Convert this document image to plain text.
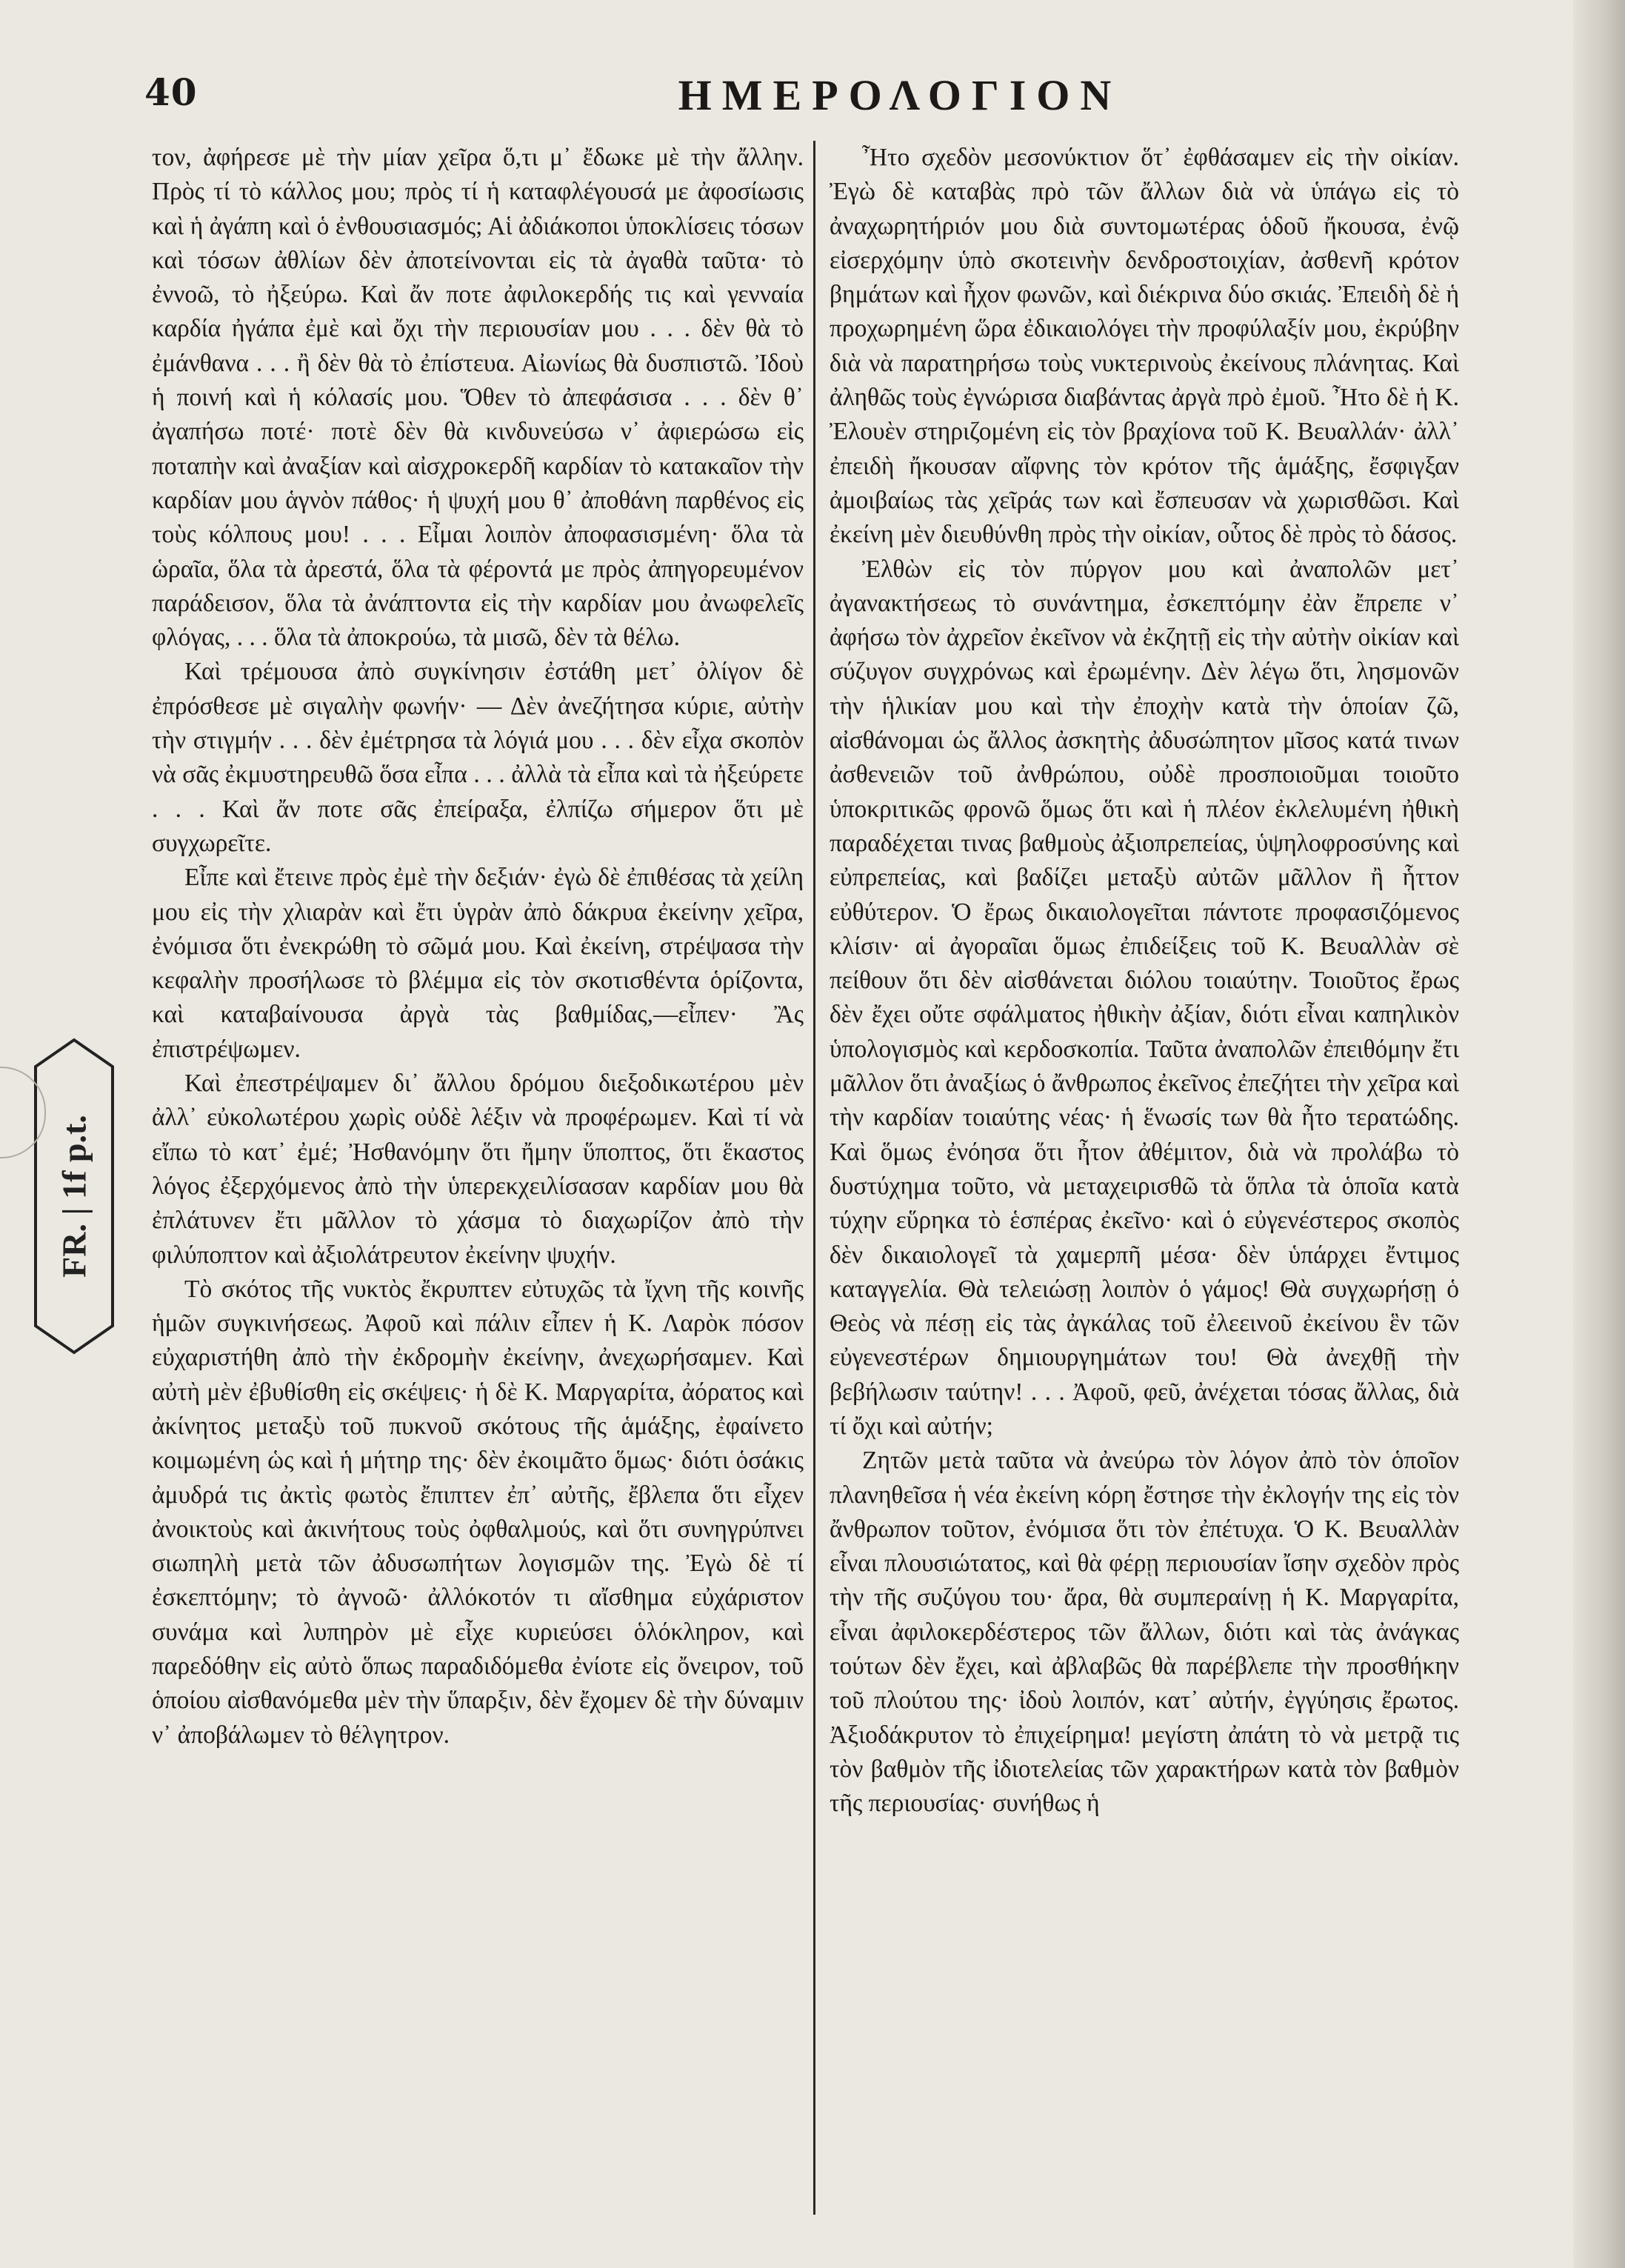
40	ΗΜΕΡΟΛΟΓΙΟΝ
FR. | 1f p.t.

τον, ἀφήρεσε μὲ τὴν μίαν χεῖρα ὅ,τι μ᾽ ἔδωκε μὲ τὴν ἄλλην. Πρὸς τί τὸ κάλλος μου; πρὸς τί ἡ καταφλέγουσά με ἀφοσίωσις καὶ ἡ ἀγάπη καὶ ὁ ἐνθουσιασμός; Αἱ ἀδιάκοποι ὑποκλίσεις τόσων καὶ τόσων ἀθλίων δὲν ἀποτείνονται εἰς τὰ ἀγαθὰ ταῦτα· τὸ ἐννοῶ, τὸ ἠξεύρω. Καὶ ἄν ποτε ἀφιλοκερδής τις καὶ γενναία καρδία ἠγάπα ἐμὲ καὶ ὄχι τὴν περιουσίαν μου . . . δὲν θὰ τὸ ἐμάνθανα . . . ἢ δὲν θὰ τὸ ἐπίστευα. Αἰωνίως θὰ δυσπιστῶ. Ἰδοὺ ἡ ποινή καὶ ἡ κόλασίς μου. Ὅθεν τὸ ἀπεφάσισα . . . δὲν θ᾽ ἀγαπήσω ποτέ· ποτὲ δὲν θὰ κινδυνεύσω ν᾽ ἀφιερώσω εἰς ποταπὴν καὶ ἀναξίαν καὶ αἰσχροκερδῆ καρδίαν τὸ κατακαῖον τὴν καρδίαν μου ἁγνὸν πάθος· ἡ ψυχή μου θ᾽ ἀποθάνη παρθένος εἰς τοὺς κόλπους μου! . . . Εἶμαι λοιπὸν ἀποφασισμένη· ὅλα τὰ ὡραῖα, ὅλα τὰ ἀρεστά, ὅλα τὰ φέροντά με πρὸς ἀπηγορευμένον παράδεισον, ὅλα τὰ ἀνάπτοντα εἰς τὴν καρδίαν μου ἀνωφελεῖς φλόγας, . . . ὅλα τὰ ἀποκρούω, τὰ μισῶ, δὲν τὰ θέλω.

Καὶ τρέμουσα ἀπὸ συγκίνησιν ἐστάθη μετ᾽ ὀλίγον δὲ ἐπρόσθεσε μὲ σιγαλὴν φωνήν· — Δὲν ἀνεζήτησα κύριε, αὐτὴν τὴν στιγμήν . . . δὲν ἐμέτρησα τὰ λόγιά μου . . . δὲν εἶχα σκοπὸν νὰ σᾶς ἐκμυστηρευθῶ ὅσα εἶπα . . . ἀλλὰ τὰ εἶπα καὶ τὰ ἠξεύρετε . . . Καὶ ἄν ποτε σᾶς ἐπείραξα, ἐλπίζω σήμερον ὅτι μὲ συγχωρεῖτε.

Εἶπε καὶ ἔτεινε πρὸς ἐμὲ τὴν δεξιάν· ἐγὼ δὲ ἐπιθέσας τὰ χείλη μου εἰς τὴν χλιαρὰν καὶ ἔτι ὑγρὰν ἀπὸ δάκρυα ἐκείνην χεῖρα, ἐνόμισα ὅτι ἐνεκρώθη τὸ σῶμά μου. Καὶ ἐκείνη, στρέψασα τὴν κεφαλὴν προσήλωσε τὸ βλέμμα εἰς τὸν σκοτισθέντα ὁρίζοντα, καὶ καταβαίνουσα ἀργὰ τὰς βαθμίδας,—εἶπεν· Ἂς ἐπιστρέψωμεν.

Καὶ ἐπεστρέψαμεν δι᾽ ἄλλου δρόμου διεξοδικωτέρου μὲν ἀλλ᾽ εὐκολωτέρου χωρὶς οὐδὲ λέξιν νὰ προφέρωμεν. Καὶ τί νὰ εἴπω τὸ κατ᾽ ἐμέ; Ἠσθανόμην ὅτι ἤμην ὕποπτος, ὅτι ἕκαστος λόγος ἐξερχόμενος ἀπὸ τὴν ὑπερεκχειλίσασαν καρδίαν μου θὰ ἐπλάτυνεν ἔτι μᾶλλον τὸ χάσμα τὸ διαχωρίζον ἀπὸ τὴν φιλύποπτον καὶ ἀξιολάτρευτον ἐκείνην ψυχήν.

Τὸ σκότος τῆς νυκτὸς ἔκρυπτεν εὐτυχῶς τὰ ἴχνη τῆς κοινῆς ἡμῶν συγκινήσεως. Ἀφοῦ καὶ πάλιν εἶπεν ἡ Κ. Λαρὸκ πόσον εὐχαριστήθη ἀπὸ τὴν ἐκδρομὴν ἐκείνην, ἀνεχωρήσαμεν. Καὶ αὐτὴ μὲν ἐβυθίσθη εἰς σκέψεις· ἡ δὲ Κ. Μαργαρίτα, ἀόρατος καὶ ἀκίνητος μεταξὺ τοῦ πυκνοῦ σκότους τῆς ἁμάξης, ἐφαίνετο κοιμωμένη ὡς καὶ ἡ μήτηρ της· δὲν ἐκοιμᾶτο ὅμως· διότι ὁσάκις ἀμυδρά τις ἀκτὶς φωτὸς ἔπιπτεν ἐπ᾽ αὐτῆς, ἔβλεπα ὅτι εἶχεν ἀνοικτοὺς καὶ ἀκινήτους τοὺς ὀφθαλμούς, καὶ ὅτι συνηγρύπνει σιωπηλὴ μετὰ τῶν ἀδυσωπήτων λογισμῶν της. Ἐγὼ δὲ τί ἐσκεπτόμην; τὸ ἀγνοῶ· ἀλλόκοτόν τι αἴσθημα εὐχάριστον συνάμα καὶ λυπηρὸν μὲ εἶχε κυριεύσει ὁλόκληρον, καὶ παρεδόθην εἰς αὐτὸ ὅπως παραδιδόμεθα ἐνίοτε εἰς ὄνειρον, τοῦ ὁποίου αἰσθανόμεθα μὲν τὴν ὕπαρξιν, δὲν ἔχομεν δὲ τὴν δύναμιν ν᾽ ἀποβάλωμεν τὸ θέλγητρον.

Ἦτο σχεδὸν μεσονύκτιον ὅτ᾽ ἐφθάσαμεν εἰς τὴν οἰκίαν. Ἐγὼ δὲ καταβὰς πρὸ τῶν ἄλλων διὰ νὰ ὑπάγω εἰς τὸ ἀναχωρητήριόν μου διὰ συντομωτέρας ὁδοῦ ἤκουσα, ἐνῷ εἰσερχόμην ὑπὸ σκοτεινὴν δενδροστοιχίαν, ἀσθενῆ κρότον βημάτων καὶ ἦχον φωνῶν, καὶ διέκρινα δύο σκιάς. Ἐπειδὴ δὲ ἡ προχωρημένη ὥρα ἐδικαιολόγει τὴν προφύλαξίν μου, ἐκρύβην διὰ νὰ παρατηρήσω τοὺς νυκτερινοὺς ἐκείνους πλάνητας. Καὶ ἀληθῶς τοὺς ἐγνώρισα διαβάντας ἀργὰ πρὸ ἐμοῦ. Ἦτο δὲ ἡ Κ. Ἐλουὲν στηριζομένη εἰς τὸν βραχίονα τοῦ Κ. Βευαλλάν· ἀλλ᾽ ἐπειδὴ ἤκουσαν αἴφνης τὸν κρότον τῆς ἁμάξης, ἔσφιγξαν ἀμοιβαίως τὰς χεῖράς των καὶ ἔσπευσαν νὰ χωρισθῶσι. Καὶ ἐκείνη μὲν διευθύνθη πρὸς τὴν οἰκίαν, οὗτος δὲ πρὸς τὸ δάσος.

Ἐλθὼν εἰς τὸν πύργον μου καὶ ἀναπολῶν μετ᾽ ἀγανακτήσεως τὸ συνάντημα, ἐσκεπτόμην ἐὰν ἔπρεπε ν᾽ ἀφήσω τὸν ἀχρεῖον ἐκεῖνον νὰ ἐκζητῇ εἰς τὴν αὐτὴν οἰκίαν καὶ σύζυγον συγχρόνως καὶ ἐρωμένην. Δὲν λέγω ὅτι, λησμονῶν τὴν ἡλικίαν μου καὶ τὴν ἐποχὴν κατὰ τὴν ὁποίαν ζῶ, αἰσθάνομαι ὡς ἄλλος ἀσκητὴς ἀδυσώπητον μῖσος κατά τινων ἀσθενειῶν τοῦ ἀνθρώπου, οὐδὲ προσποιοῦμαι τοιοῦτο ὑποκριτικῶς φρονῶ ὅμως ὅτι καὶ ἡ πλέον ἐκλελυμένη ἠθικὴ παραδέχεται τινας βαθμοὺς ἀξιοπρεπείας, ὑψηλοφροσύνης καὶ εὐπρεπείας, καὶ βαδίζει μεταξὺ αὐτῶν μᾶλλον ἢ ἧττον εὐθύτερον. Ὁ ἔρως δικαιολογεῖται πάντοτε προφασιζόμενος κλίσιν· αἱ ἀγοραῖαι ὅμως ἐπιδείξεις τοῦ Κ. Βευαλλὰν σὲ πείθουν ὅτι δὲν αἰσθάνεται διόλου τοιαύτην. Τοιοῦτος ἔρως δὲν ἔχει οὔτε σφάλματος ἠθικὴν ἀξίαν, διότι εἶναι καπηλικὸν ὑπολογισμὸς καὶ κερδοσκοπία. Ταῦτα ἀναπολῶν ἐπειθόμην ἔτι μᾶλλον ὅτι ἀναξίως ὁ ἄνθρωπος ἐκεῖνος ἐπεζήτει τὴν χεῖρα καὶ τὴν καρδίαν τοιαύτης νέας· ἡ ἕνωσίς των θὰ ἦτο τερατώδης. Καὶ ὅμως ἐνόησα ὅτι ἦτον ἀθέμιτον, διὰ νὰ προλάβω τὸ δυστύχημα τοῦτο, νὰ μεταχειρισθῶ τὰ ὅπλα τὰ ὁποῖα κατὰ τύχην εὕρηκα τὸ ἑσπέρας ἐκεῖνο· καὶ ὁ εὐγενέστερος σκοπὸς δὲν δικαιολογεῖ τὰ χαμερπῆ μέσα· δὲν ὑπάρχει ἔντιμος καταγγελία. Θὰ τελειώσῃ λοιπὸν ὁ γάμος! Θὰ συγχωρήσῃ ὁ Θεὸς νὰ πέσῃ εἰς τὰς ἀγκάλας τοῦ ἐλεεινοῦ ἐκείνου ἓν τῶν εὐγενεστέρων δημιουργημάτων του! Θὰ ἀνεχθῇ τὴν βεβήλωσιν ταύτην! . . . Ἀφοῦ, φεῦ, ἀνέχεται τόσας ἄλλας, διὰ τί ὄχι καὶ αὐτήν;

Ζητῶν μετὰ ταῦτα νὰ ἀνεύρω τὸν λόγον ἀπὸ τὸν ὁποῖον πλανηθεῖσα ἡ νέα ἐκείνη κόρη ἔστησε τὴν ἐκλογήν της εἰς τὸν ἄνθρωπον τοῦτον, ἐνόμισα ὅτι τὸν ἐπέτυχα. Ὁ Κ. Βευαλλὰν εἶναι πλουσιώτατος, καὶ θὰ φέρῃ περιουσίαν ἴσην σχεδὸν πρὸς τὴν τῆς συζύγου του· ἄρα, θὰ συμπεραίνῃ ἡ Κ. Μαργαρίτα, εἶναι ἀφιλοκερδέστερος τῶν ἄλλων, διότι καὶ τὰς ἀνάγκας τούτων δὲν ἔχει, καὶ ἀβλαβῶς θὰ παρέβλεπε τὴν προσθήκην τοῦ πλούτου της· ἰδοὺ λοιπόν, κατ᾽ αὐτήν, ἐγγύησις ἔρωτος. Ἀξιοδάκρυτον τὸ ἐπιχείρημα! μεγίστη ἀπάτη τὸ νὰ μετρᾷ τις τὸν βαθμὸν τῆς ἰδιοτελείας τῶν χαρακτήρων κατὰ τὸν βαθμὸν τῆς περιουσίας· συνήθως ἡ
